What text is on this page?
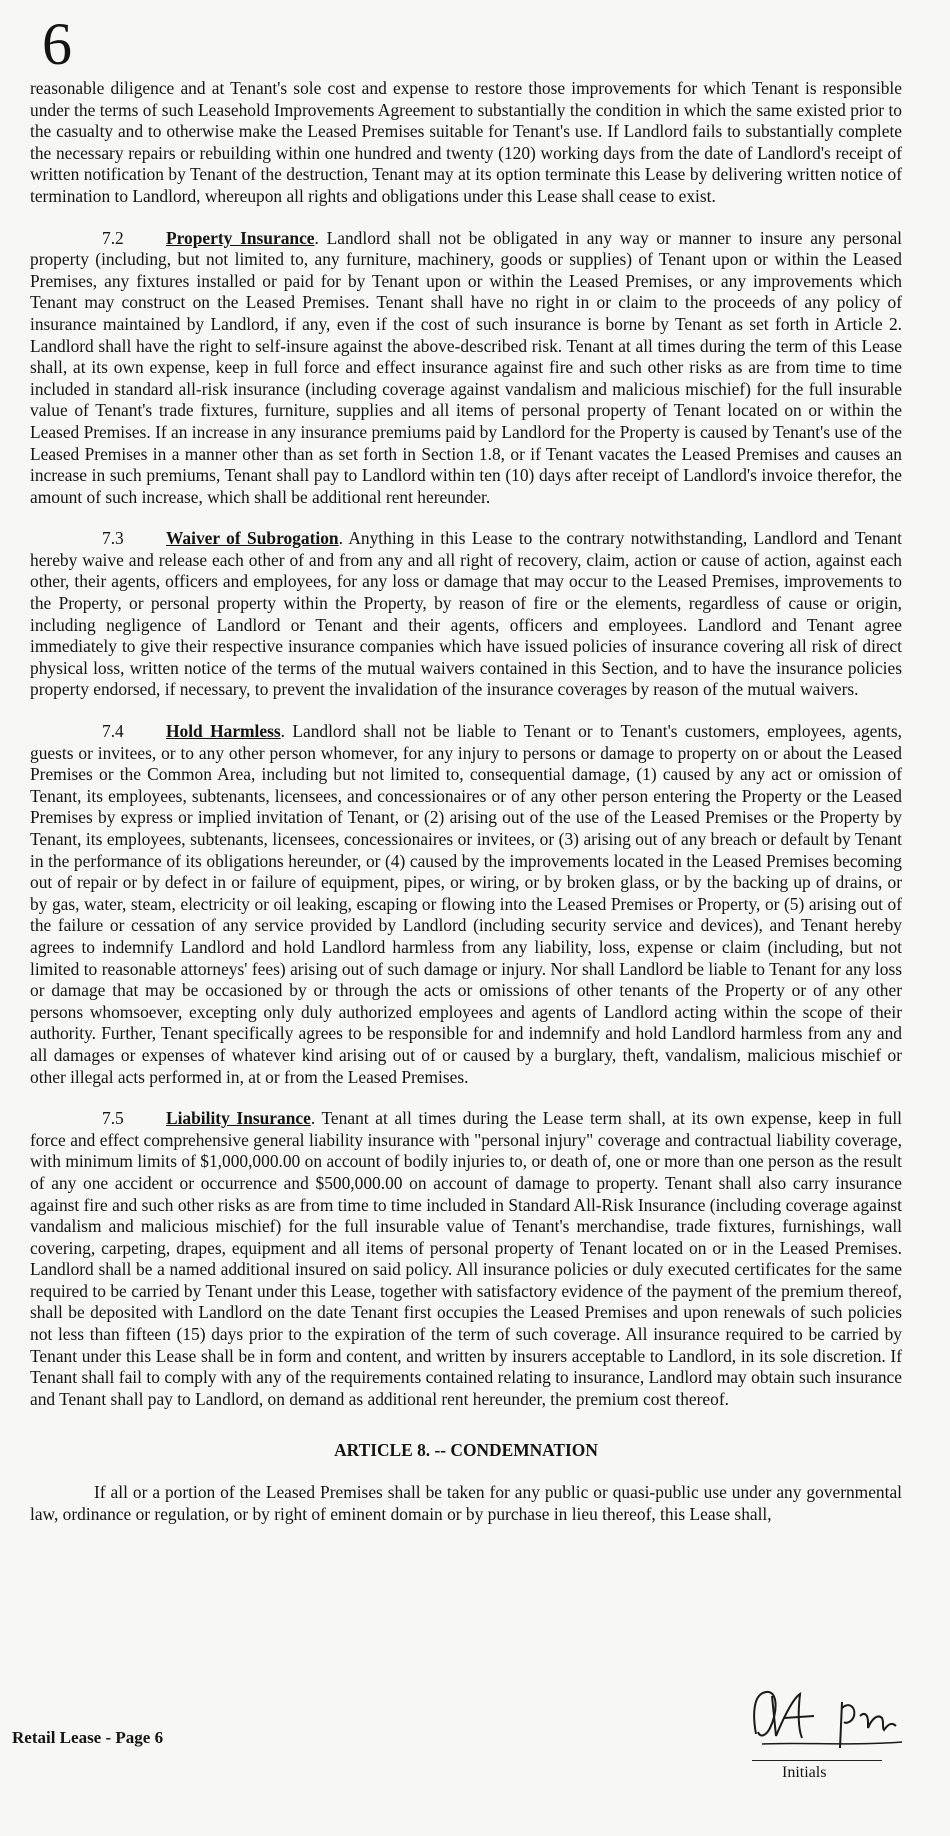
6

reasonable diligence and at Tenant's sole cost and expense to restore those improvements for which Tenant is responsible under the terms of such Leasehold Improvements Agreement to substantially the condition in which the same existed prior to the casualty and to otherwise make the Leased Premises suitable for Tenant's use. If Landlord fails to substantially complete the necessary repairs or rebuilding within one hundred and twenty (120) working days from the date of Landlord's receipt of written notification by Tenant of the destruction, Tenant may at its option terminate this Lease by delivering written notice of termination to Landlord, whereupon all rights and obligations under this Lease shall cease to exist.

7.2 Property Insurance. Landlord shall not be obligated in any way or manner to insure any personal property (including, but not limited to, any furniture, machinery, goods or supplies) of Tenant upon or within the Leased Premises, any fixtures installed or paid for by Tenant upon or within the Leased Premises, or any improvements which Tenant may construct on the Leased Premises. Tenant shall have no right in or claim to the proceeds of any policy of insurance maintained by Landlord, if any, even if the cost of such insurance is borne by Tenant as set forth in Article 2. Landlord shall have the right to self-insure against the above-described risk. Tenant at all times during the term of this Lease shall, at its own expense, keep in full force and effect insurance against fire and such other risks as are from time to time included in standard all-risk insurance (including coverage against vandalism and malicious mischief) for the full insurable value of Tenant's trade fixtures, furniture, supplies and all items of personal property of Tenant located on or within the Leased Premises. If an increase in any insurance premiums paid by Landlord for the Property is caused by Tenant's use of the Leased Premises in a manner other than as set forth in Section 1.8, or if Tenant vacates the Leased Premises and causes an increase in such premiums, Tenant shall pay to Landlord within ten (10) days after receipt of Landlord's invoice therefor, the amount of such increase, which shall be additional rent hereunder.

7.3 Waiver of Subrogation. Anything in this Lease to the contrary notwithstanding, Landlord and Tenant hereby waive and release each other of and from any and all right of recovery, claim, action or cause of action, against each other, their agents, officers and employees, for any loss or damage that may occur to the Leased Premises, improvements to the Property, or personal property within the Property, by reason of fire or the elements, regardless of cause or origin, including negligence of Landlord or Tenant and their agents, officers and employees. Landlord and Tenant agree immediately to give their respective insurance companies which have issued policies of insurance covering all risk of direct physical loss, written notice of the terms of the mutual waivers contained in this Section, and to have the insurance policies property endorsed, if necessary, to prevent the invalidation of the insurance coverages by reason of the mutual waivers.

7.4 Hold Harmless. Landlord shall not be liable to Tenant or to Tenant's customers, employees, agents, guests or invitees, or to any other person whomever, for any injury to persons or damage to property on or about the Leased Premises or the Common Area, including but not limited to, consequential damage, (1) caused by any act or omission of Tenant, its employees, subtenants, licensees, and concessionaires or of any other person entering the Property or the Leased Premises by express or implied invitation of Tenant, or (2) arising out of the use of the Leased Premises or the Property by Tenant, its employees, subtenants, licensees, concessionaires or invitees, or (3) arising out of any breach or default by Tenant in the performance of its obligations hereunder, or (4) caused by the improvements located in the Leased Premises becoming out of repair or by defect in or failure of equipment, pipes, or wiring, or by broken glass, or by the backing up of drains, or by gas, water, steam, electricity or oil leaking, escaping or flowing into the Leased Premises or Property, or (5) arising out of the failure or cessation of any service provided by Landlord (including security service and devices), and Tenant hereby agrees to indemnify Landlord and hold Landlord harmless from any liability, loss, expense or claim (including, but not limited to reasonable attorneys' fees) arising out of such damage or injury. Nor shall Landlord be liable to Tenant for any loss or damage that may be occasioned by or through the acts or omissions of other tenants of the Property or of any other persons whomsoever, excepting only duly authorized employees and agents of Landlord acting within the scope of their authority. Further, Tenant specifically agrees to be responsible for and indemnify and hold Landlord harmless from any and all damages or expenses of whatever kind arising out of or caused by a burglary, theft, vandalism, malicious mischief or other illegal acts performed in, at or from the Leased Premises.

7.5 Liability Insurance. Tenant at all times during the Lease term shall, at its own expense, keep in full force and effect comprehensive general liability insurance with "personal injury" coverage and contractual liability coverage, with minimum limits of $1,000,000.00 on account of bodily injuries to, or death of, one or more than one person as the result of any one accident or occurrence and $500,000.00 on account of damage to property. Tenant shall also carry insurance against fire and such other risks as are from time to time included in Standard All-Risk Insurance (including coverage against vandalism and malicious mischief) for the full insurable value of Tenant's merchandise, trade fixtures, furnishings, wall covering, carpeting, drapes, equipment and all items of personal property of Tenant located on or in the Leased Premises. Landlord shall be a named additional insured on said policy. All insurance policies or duly executed certificates for the same required to be carried by Tenant under this Lease, together with satisfactory evidence of the payment of the premium thereof, shall be deposited with Landlord on the date Tenant first occupies the Leased Premises and upon renewals of such policies not less than fifteen (15) days prior to the expiration of the term of such coverage. All insurance required to be carried by Tenant under this Lease shall be in form and content, and written by insurers acceptable to Landlord, in its sole discretion. If Tenant shall fail to comply with any of the requirements contained relating to insurance, Landlord may obtain such insurance and Tenant shall pay to Landlord, on demand as additional rent hereunder, the premium cost thereof.

ARTICLE 8. -- CONDEMNATION

If all or a portion of the Leased Premises shall be taken for any public or quasi-public use under any governmental law, ordinance or regulation, or by right of eminent domain or by purchase in lieu thereof, this Lease shall,

Retail Lease - Page 6
Initials
